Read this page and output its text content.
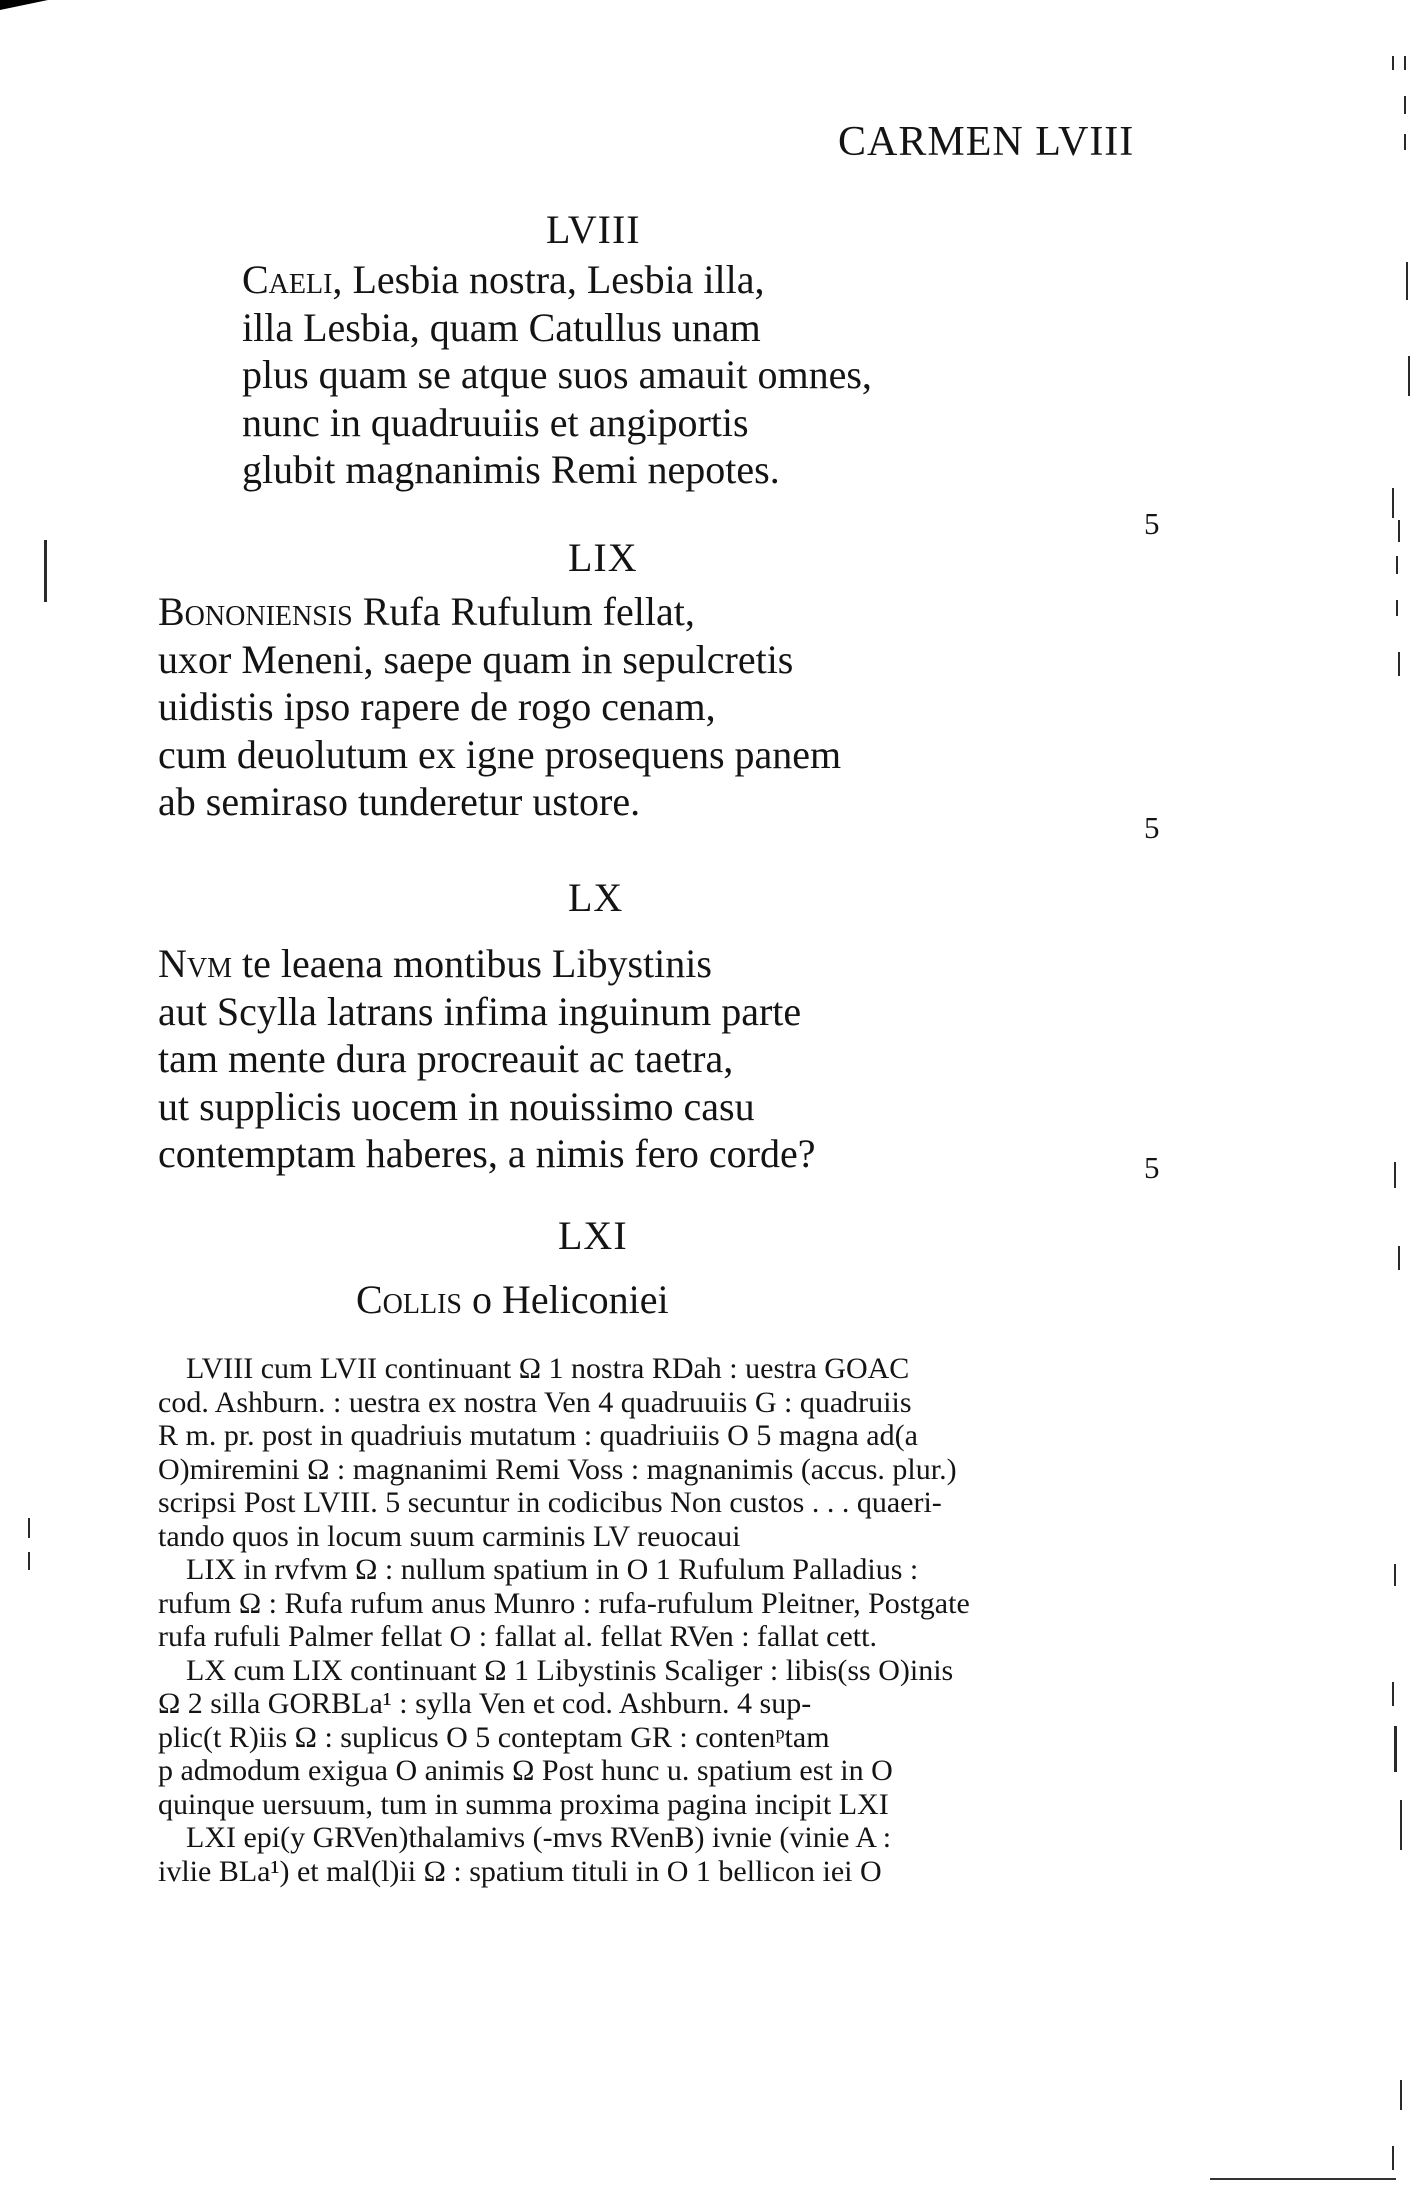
CARMEN LVIII
LVIII
Caeli, Lesbia nostra, Lesbia illa,
illa Lesbia, quam Catullus unam
plus quam se atque suos amauit omnes,
nunc in quadruuiis et angiportis
glubit magnanimis Remi nepotes.
5
LIX
Bononiensis Rufa Rufulum fellat,
uxor Meneni, saepe quam in sepulcretis
uidistis ipso rapere de rogo cenam,
cum deuolutum ex igne prosequens panem
ab semiraso tunderetur ustore.
5
LX
Nvm te leaena montibus Libystinis
aut Scylla latrans infima inguinum parte
tam mente dura procreauit ac taetra,
ut supplicis uocem in nouissimo casu
contemptam haberes, a nimis fero corde?	5
LXI
Collis o Heliconiei
LVIII cum LVII continuant Ω 1 nostra RDah : uestra GOAC
cod. Ashburn. : uestra ex nostra Ven 4 quadruuiis G : quadruiis
R m. pr. post in quadriuis mutatum : quadriuiis O 5 magna ad(a
O)miremini Ω : magnanimi Remi Voss : magnanimis (accus. plur.)
scripsi Post LVIII. 5 secuntur in codicibus Non custos . . . quaeri-
tando quos in locum suum carminis LV reuocaui
LIX in rvfvm Ω : nullum spatium in O 1 Rufulum Palladius :
rufum Ω : Rufa rufum anus Munro : rufa-rufulum Pleitner, Postgate
rufa rufuli Palmer fellat O : fallat al. fellat RVen : fallat cett.
LX cum LIX continuant Ω 1 Libystinis Scaliger : libis(ss O)inis
Ω 2 silla GORBLa¹ : sylla Ven et cod. Ashburn. 4 sup-
plic(t R)iis Ω : suplicus O 5 conteptam GR : contenᵖtam
p admodum exigua O animis Ω Post hunc u. spatium est in O
quinque uersuum, tum in summa proxima pagina incipit LXI
LXI epi(y GRVen)thalamivs (-mvs RVenB) ivnie (vinie A :
ivlie BLa¹) et mal(l)ii Ω : spatium tituli in O 1 bellicon iei O
